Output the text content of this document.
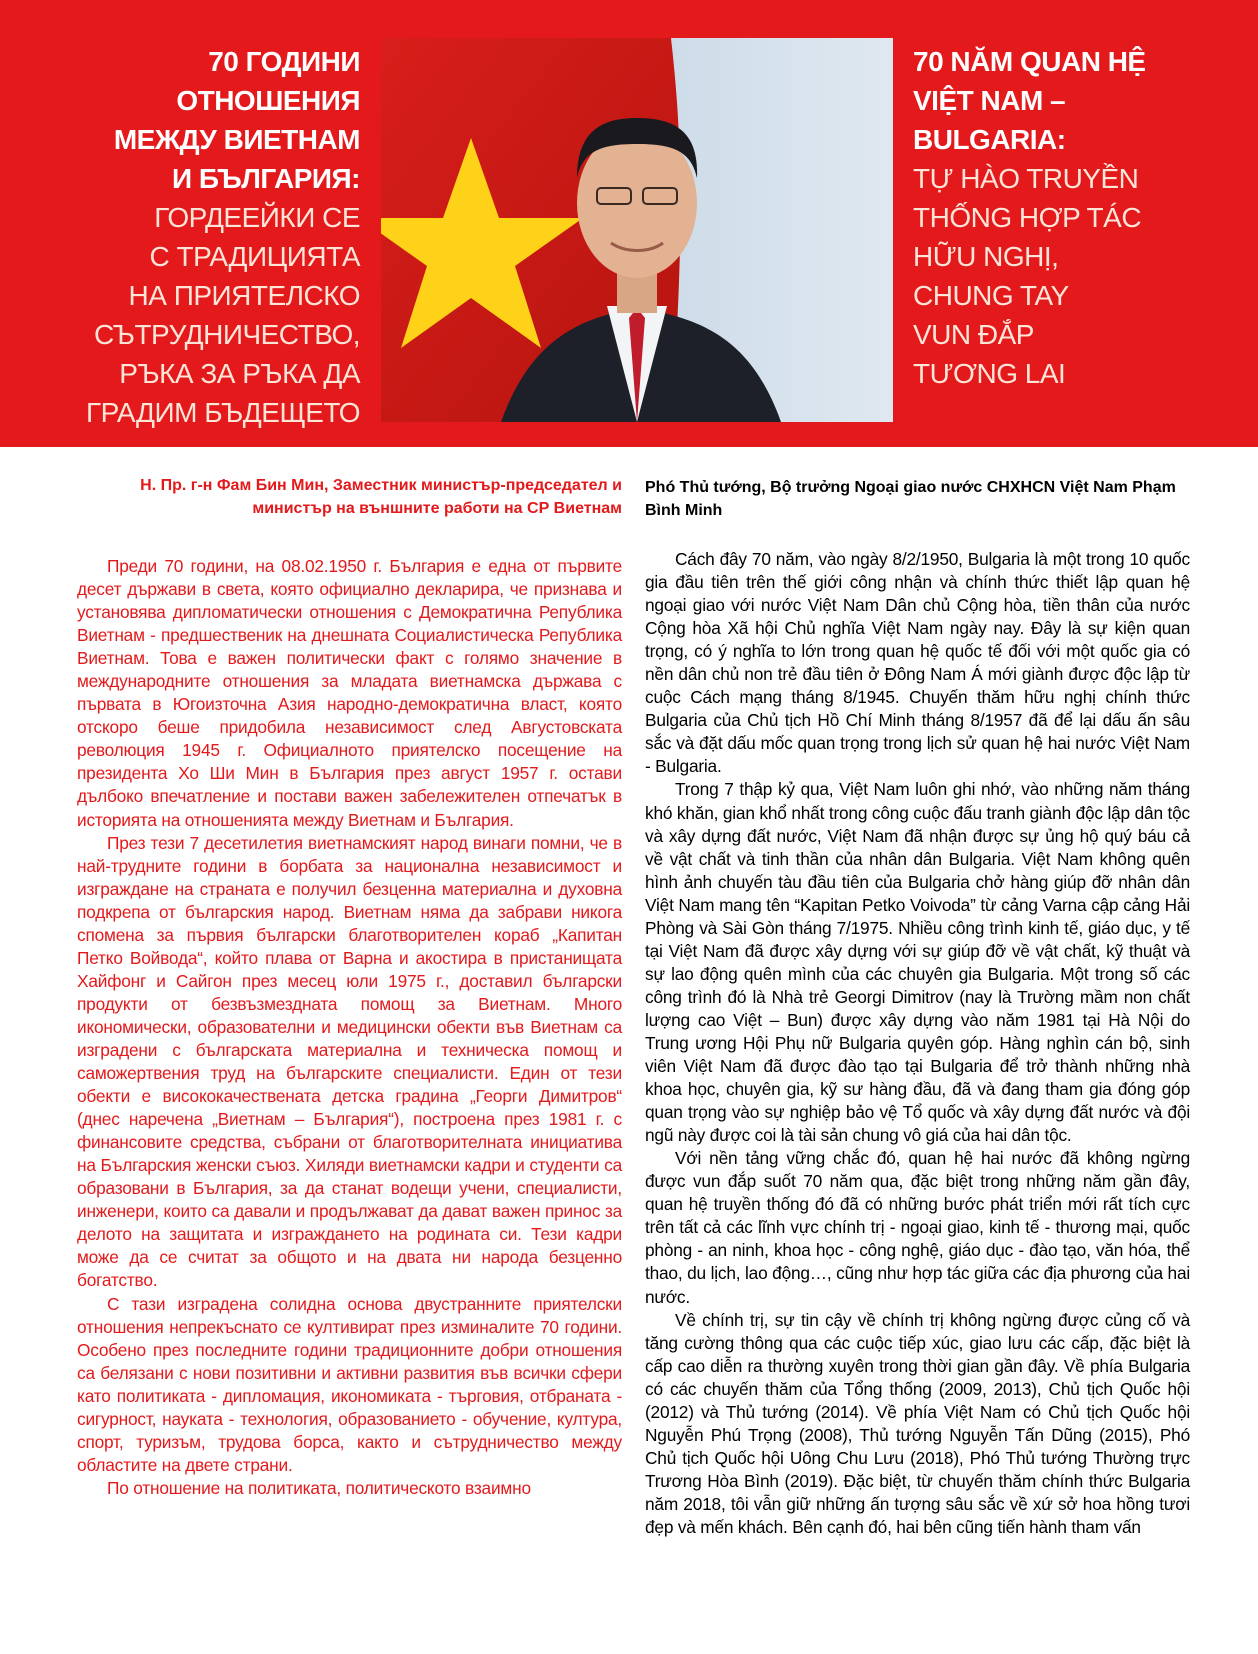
70 ГОДИНИ
ОТНОШЕНИЯ
МЕЖДУ ВИЕТНАМ
И БЪЛГАРИЯ:
ГОРДЕЕЙКИ СЕ
С ТРАДИЦИЯТА
НА ПРИЯТЕЛСКО
СЪТРУДНИЧЕСТВО,
РЪКА ЗА РЪКА ДА
ГРАДИМ БЪДЕЩЕТО
70 NĂM QUAN HỆ
VIỆT NAM –
BULGARIA:
TỰ HÀO TRUYỀN
THỐNG HỢP TÁC
HỮU NGHỊ,
CHUNG TAY
VUN ĐẮP
TƯƠNG LAI
Н. Пр. г-н Фам Бин Мин, Заместник министър-председател и министър на външните работи на СР Виетнам

Преди 70 години, на 08.02.1950 г. България е една от първите десет държави в света, която официално декларира, че признава и установява дипломатически отношения с Демократична Република Виетнам - предшественик на днешната Социалистическа Република Виетнам. Това е важен политически факт с голямо значение в международните отношения за младата виетнамска държава с първата в Югоизточна Азия народно-демократична власт, която отскоро беше придобила независимост след Августовската революция 1945 г. Официалното приятелско посещение на президента Хо Ши Мин в България през август 1957 г. остави дълбоко впечатление и постави важен забележителен отпечатък в историята на отношенията между Виетнам и България.

През тези 7 десетилетия виетнамският народ винаги помни, че в най-трудните години в борбата за национална независимост и изграждане на страната е получил безценна материална и духовна подкрепа от българския народ. Виетнам няма да забрави никога спомена за първия български благотворителен кораб „Капитан Петко Войвода“, който плава от Варна и акостира в пристанищата Хайфонг и Сайгон през месец юли 1975 г., доставил български продукти от безвъзмездната помощ за Виетнам. Много икономически, образователни и медицински обекти във Виетнам са изградени с българската материална и техническа помощ и саможертвения труд на българските специалисти. Един от тези обекти е висококачествената детска градина „Георги Димитров“ (днес наречена „Виетнам – България“), построена през 1981 г. с финансовите средства, събрани от благотворителната инициатива на Българския женски съюз. Хиляди виетнамски кадри и студенти са образовани в България, за да станат водещи учени, специалисти, инженери, които са давали и продължават да дават важен принос за делото на защитата и изграждането на родината си. Тези кадри може да се считат за общото и на двата ни народа безценно богатство.

С тази изградена солидна основа двустранните приятелски отношения непрекъснато се култивират през изминалите 70 години. Особено през последните години традиционните добри отношения са белязани с нови позитивни и активни развития във всички сфери като политиката - дипломация, икономиката - търговия, отбраната - сигурност, науката - технология, образованието - обучение, култура, спорт, туризъм, трудова борса, както и сътрудничество между областите на двете страни.

По отношение на политиката, политическото взаимно

Phó Thủ tướng, Bộ trưởng Ngoại giao nước CHXHCN Việt Nam Phạm Bình Minh

Cách đây 70 năm, vào ngày 8/2/1950, Bulgaria là một trong 10 quốc gia đầu tiên trên thế giới công nhận và chính thức thiết lập quan hệ ngoại giao với nước Việt Nam Dân chủ Cộng hòa, tiền thân của nước Cộng hòa Xã hội Chủ nghĩa Việt Nam ngày nay. Đây là sự kiện quan trọng, có ý nghĩa to lớn trong quan hệ quốc tế đối với một quốc gia có nền dân chủ non trẻ đầu tiên ở Đông Nam Á mới giành được độc lập từ cuộc Cách mạng tháng 8/1945. Chuyến thăm hữu nghị chính thức Bulgaria của Chủ tịch Hồ Chí Minh tháng 8/1957 đã để lại dấu ấn sâu sắc và đặt dấu mốc quan trọng trong lịch sử quan hệ hai nước Việt Nam - Bulgaria.

Trong 7 thập kỷ qua, Việt Nam luôn ghi nhớ, vào những năm tháng khó khăn, gian khổ nhất trong công cuộc đấu tranh giành độc lập dân tộc và xây dựng đất nước, Việt Nam đã nhận được sự ủng hộ quý báu cả về vật chất và tinh thần của nhân dân Bulgaria. Việt Nam không quên hình ảnh chuyến tàu đầu tiên của Bulgaria chở hàng giúp đỡ nhân dân Việt Nam mang tên “Kapitan Petko Voivoda” từ cảng Varna cập cảng Hải Phòng và Sài Gòn tháng 7/1975. Nhiều công trình kinh tế, giáo dục, y tế tại Việt Nam đã được xây dựng với sự giúp đỡ về vật chất, kỹ thuật và sự lao động quên mình của các chuyên gia Bulgaria. Một trong số các công trình đó là Nhà trẻ Georgi Dimitrov (nay là Trường mầm non chất lượng cao Việt – Bun) được xây dựng vào năm 1981 tại Hà Nội do Trung ương Hội Phụ nữ Bulgaria quyên góp. Hàng nghìn cán bộ, sinh viên Việt Nam đã được đào tạo tại Bulgaria để trở thành những nhà khoa học, chuyên gia, kỹ sư hàng đầu, đã và đang tham gia đóng góp quan trọng vào sự nghiệp bảo vệ Tổ quốc và xây dựng đất nước và đội ngũ này được coi là tài sản chung vô giá của hai dân tộc.

Với nền tảng vững chắc đó, quan hệ hai nước đã không ngừng được vun đắp suốt 70 năm qua, đặc biệt trong những năm gần đây, quan hệ truyền thống đó đã có những bước phát triển mới rất tích cực trên tất cả các lĩnh vực chính trị - ngoại giao, kinh tế - thương mại, quốc phòng - an ninh, khoa học - công nghệ, giáo dục - đào tạo, văn hóa, thể thao, du lịch, lao động…, cũng như hợp tác giữa các địa phương của hai nước.

Về chính trị, sự tin cậy về chính trị không ngừng được củng cố và tăng cường thông qua các cuộc tiếp xúc, giao lưu các cấp, đặc biệt là cấp cao diễn ra thường xuyên trong thời gian gần đây. Về phía Bulgaria có các chuyến thăm của Tổng thống (2009, 2013), Chủ tịch Quốc hội (2012) và Thủ tướng (2014). Về phía Việt Nam có Chủ tịch Quốc hội Nguyễn Phú Trọng (2008), Thủ tướng Nguyễn Tấn Dũng (2015), Phó Chủ tịch Quốc hội Uông Chu Lưu (2018), Phó Thủ tướng Thường trực Trương Hòa Bình (2019). Đặc biệt, từ chuyến thăm chính thức Bulgaria năm 2018, tôi vẫn giữ những ấn tượng sâu sắc về xứ sở hoa hồng tươi đẹp và mến khách. Bên cạnh đó, hai bên cũng tiến hành tham vấn
